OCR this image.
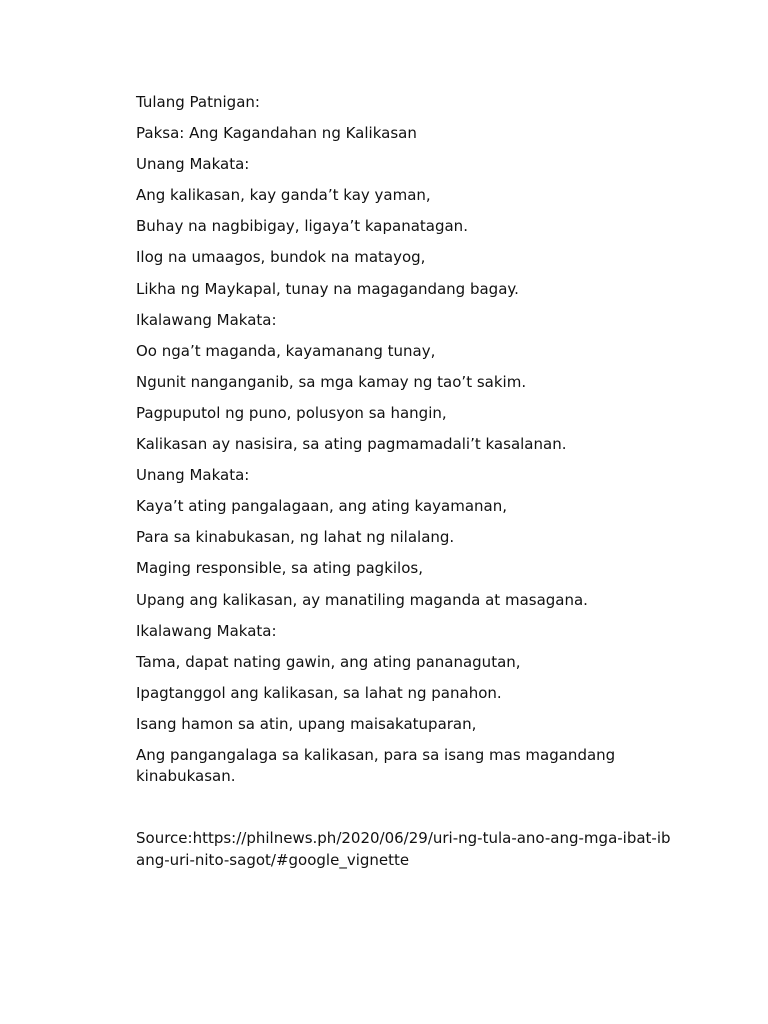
Tulang Patnigan:

Paksa: Ang Kagandahan ng Kalikasan

Unang Makata:

Ang kalikasan, kay ganda’t kay yaman,

Buhay na nagbibigay, ligaya’t kapanatagan.

Ilog na umaagos, bundok na matayog,

Likha ng Maykapal, tunay na magagandang bagay.

Ikalawang Makata:

Oo nga’t maganda, kayamanang tunay,

Ngunit nanganganib, sa mga kamay ng tao’t sakim.

Pagpuputol ng puno, polusyon sa hangin,

Kalikasan ay nasisira, sa ating pagmamadali’t kasalanan.

Unang Makata:

Kaya’t ating pangalagaan, ang ating kayamanan,

Para sa kinabukasan, ng lahat ng nilalang.

Maging responsible, sa ating pagkilos,

Upang ang kalikasan, ay manatiling maganda at masagana.

Ikalawang Makata:

Tama, dapat nating gawin, ang ating pananagutan,

Ipagtanggol ang kalikasan, sa lahat ng panahon.

Isang hamon sa atin, upang maisakatuparan,

Ang pangangalaga sa kalikasan, para sa isang mas magandang kinabukasan.

Source:https://philnews.ph/2020/06/29/uri-ng-tula-ano-ang-mga-ibat-ibang-uri-nito-sagot/#google_vignette
